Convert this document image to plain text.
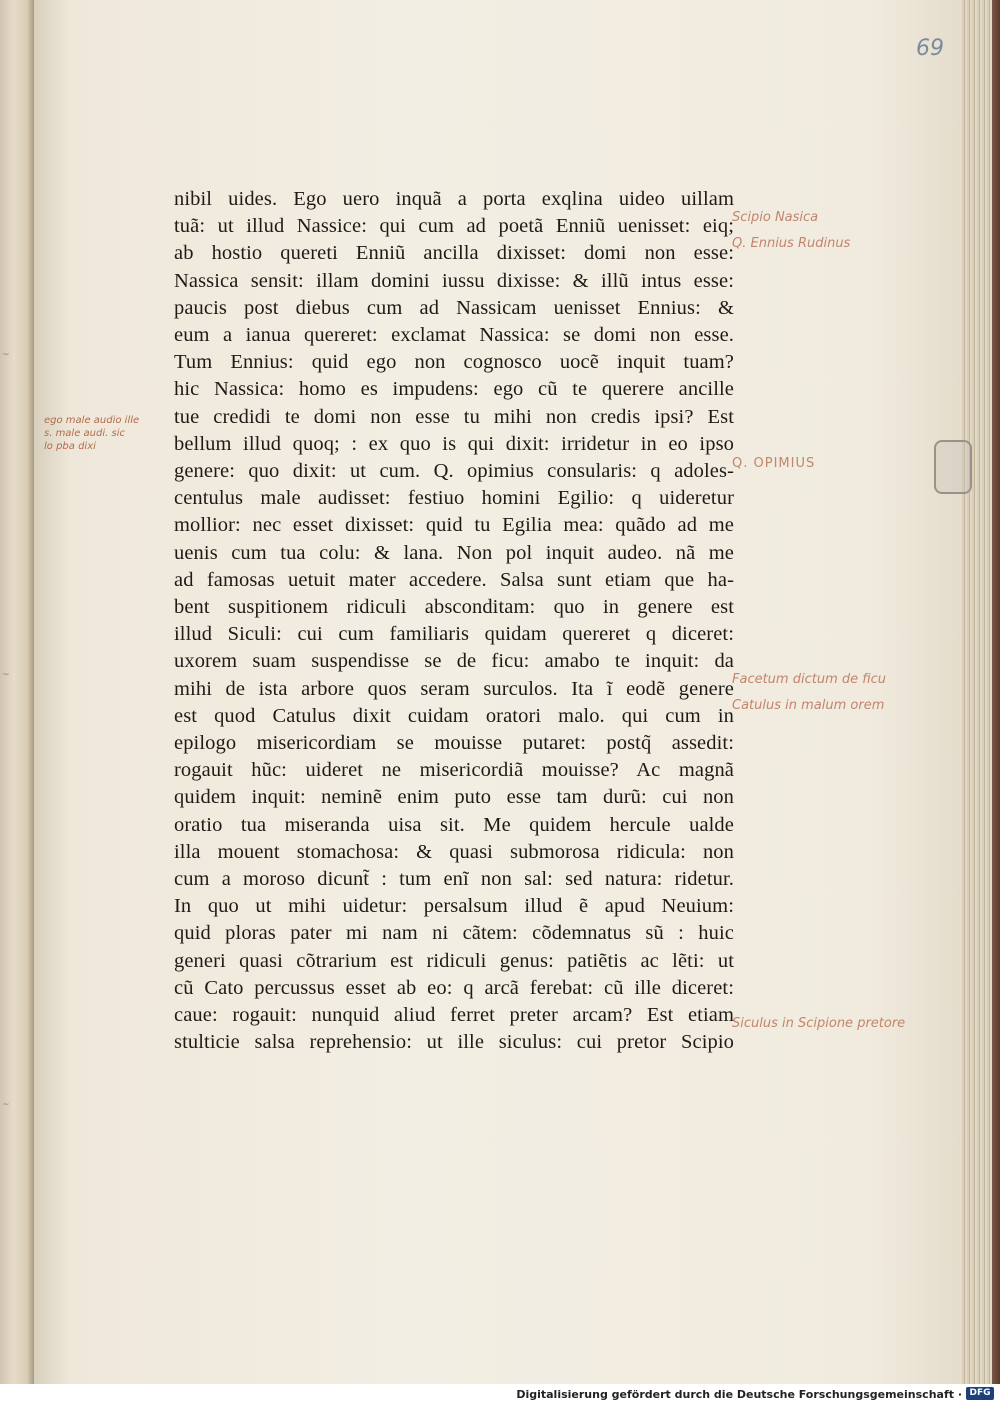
~
~
~
69
ego male audio ille
s. male audi. sic
lo pba dixi
nibil uides. Ego uero inquã a porta exqlina uideo uillam
tuã: ut illud Nassice: qui cum ad poetã Enniũ uenisset: eiq;
ab hostio quereti Enniũ ancilla dixisset: domi non esse:
Nassica sensit: illam domini iussu dixisse: & illũ intus esse:
paucis post diebus cum ad Nassicam uenisset Ennius: &
eum a ianua quereret: exclamat Nassica: se domi non esse.
Tum Ennius: quid ego non cognosco uocẽ inquit tuam?
hic Nassica: homo es impudens: ego cũ te querere ancille
tue credidi te domi non esse tu mihi non credis ipsi? Est
bellum illud quoq; : ex quo is qui dixit: irridetur in eo ipso
genere: quo dixit: ut cum. Q. opimius consularis: q adoles-
centulus male audisset: festiuo homini Egilio: q uideretur
mollior: nec esset dixisset: quid tu Egilia mea: quãdo ad me
uenis cum tua colu: & lana. Non pol inquit audeo. nã me
ad famosas uetuit mater accedere. Salsa sunt etiam que ha-
bent suspitionem ridiculi absconditam: quo in genere est
illud Siculi: cui cum familiaris quidam quereret q diceret:
uxorem suam suspendisse se de ficu: amabo te inquit: da
mihi de ista arbore quos seram surculos. Ita ĩ eodẽ genere
est quod Catulus dixit cuidam oratori malo. qui cum in
epilogo misericordiam se mouisse putaret: postq̃ assedit:
rogauit hũc: uideret ne misericordiã mouisse? Ac magnã
quidem inquit: neminẽ enim puto esse tam durũ: cui non
oratio tua miseranda uisa sit. Me quidem hercule ualde
illa mouent stomachosa: & quasi submorosa ridicula: non
cum a moroso dicunt̃ : tum enĩ non sal: sed natura: ridetur.
In quo ut mihi uidetur: persalsum illud ẽ apud Neuium:
quid ploras pater mi nam ni cãtem: cõdemnatus sũ : huic
generi quasi cõtrarium est ridiculi genus: patiẽtis ac lẽti: ut
cũ Cato percussus esset ab eo: q arcã ferebat: cũ ille diceret:
caue: rogauit: nunquid aliud ferret preter arcam? Est etiam
stulticie salsa reprehensio: ut ille siculus: cui pretor Scipio
Scipio Nasica
Q. Ennius Rudinus
Q. OPIMIUS
Facetum dictum de ficu
Catulus in malum orem
Siculus in Scipione pretore
Digitalisierung gefördert durch die Deutsche Forschungsgemeinschaft · DFG
